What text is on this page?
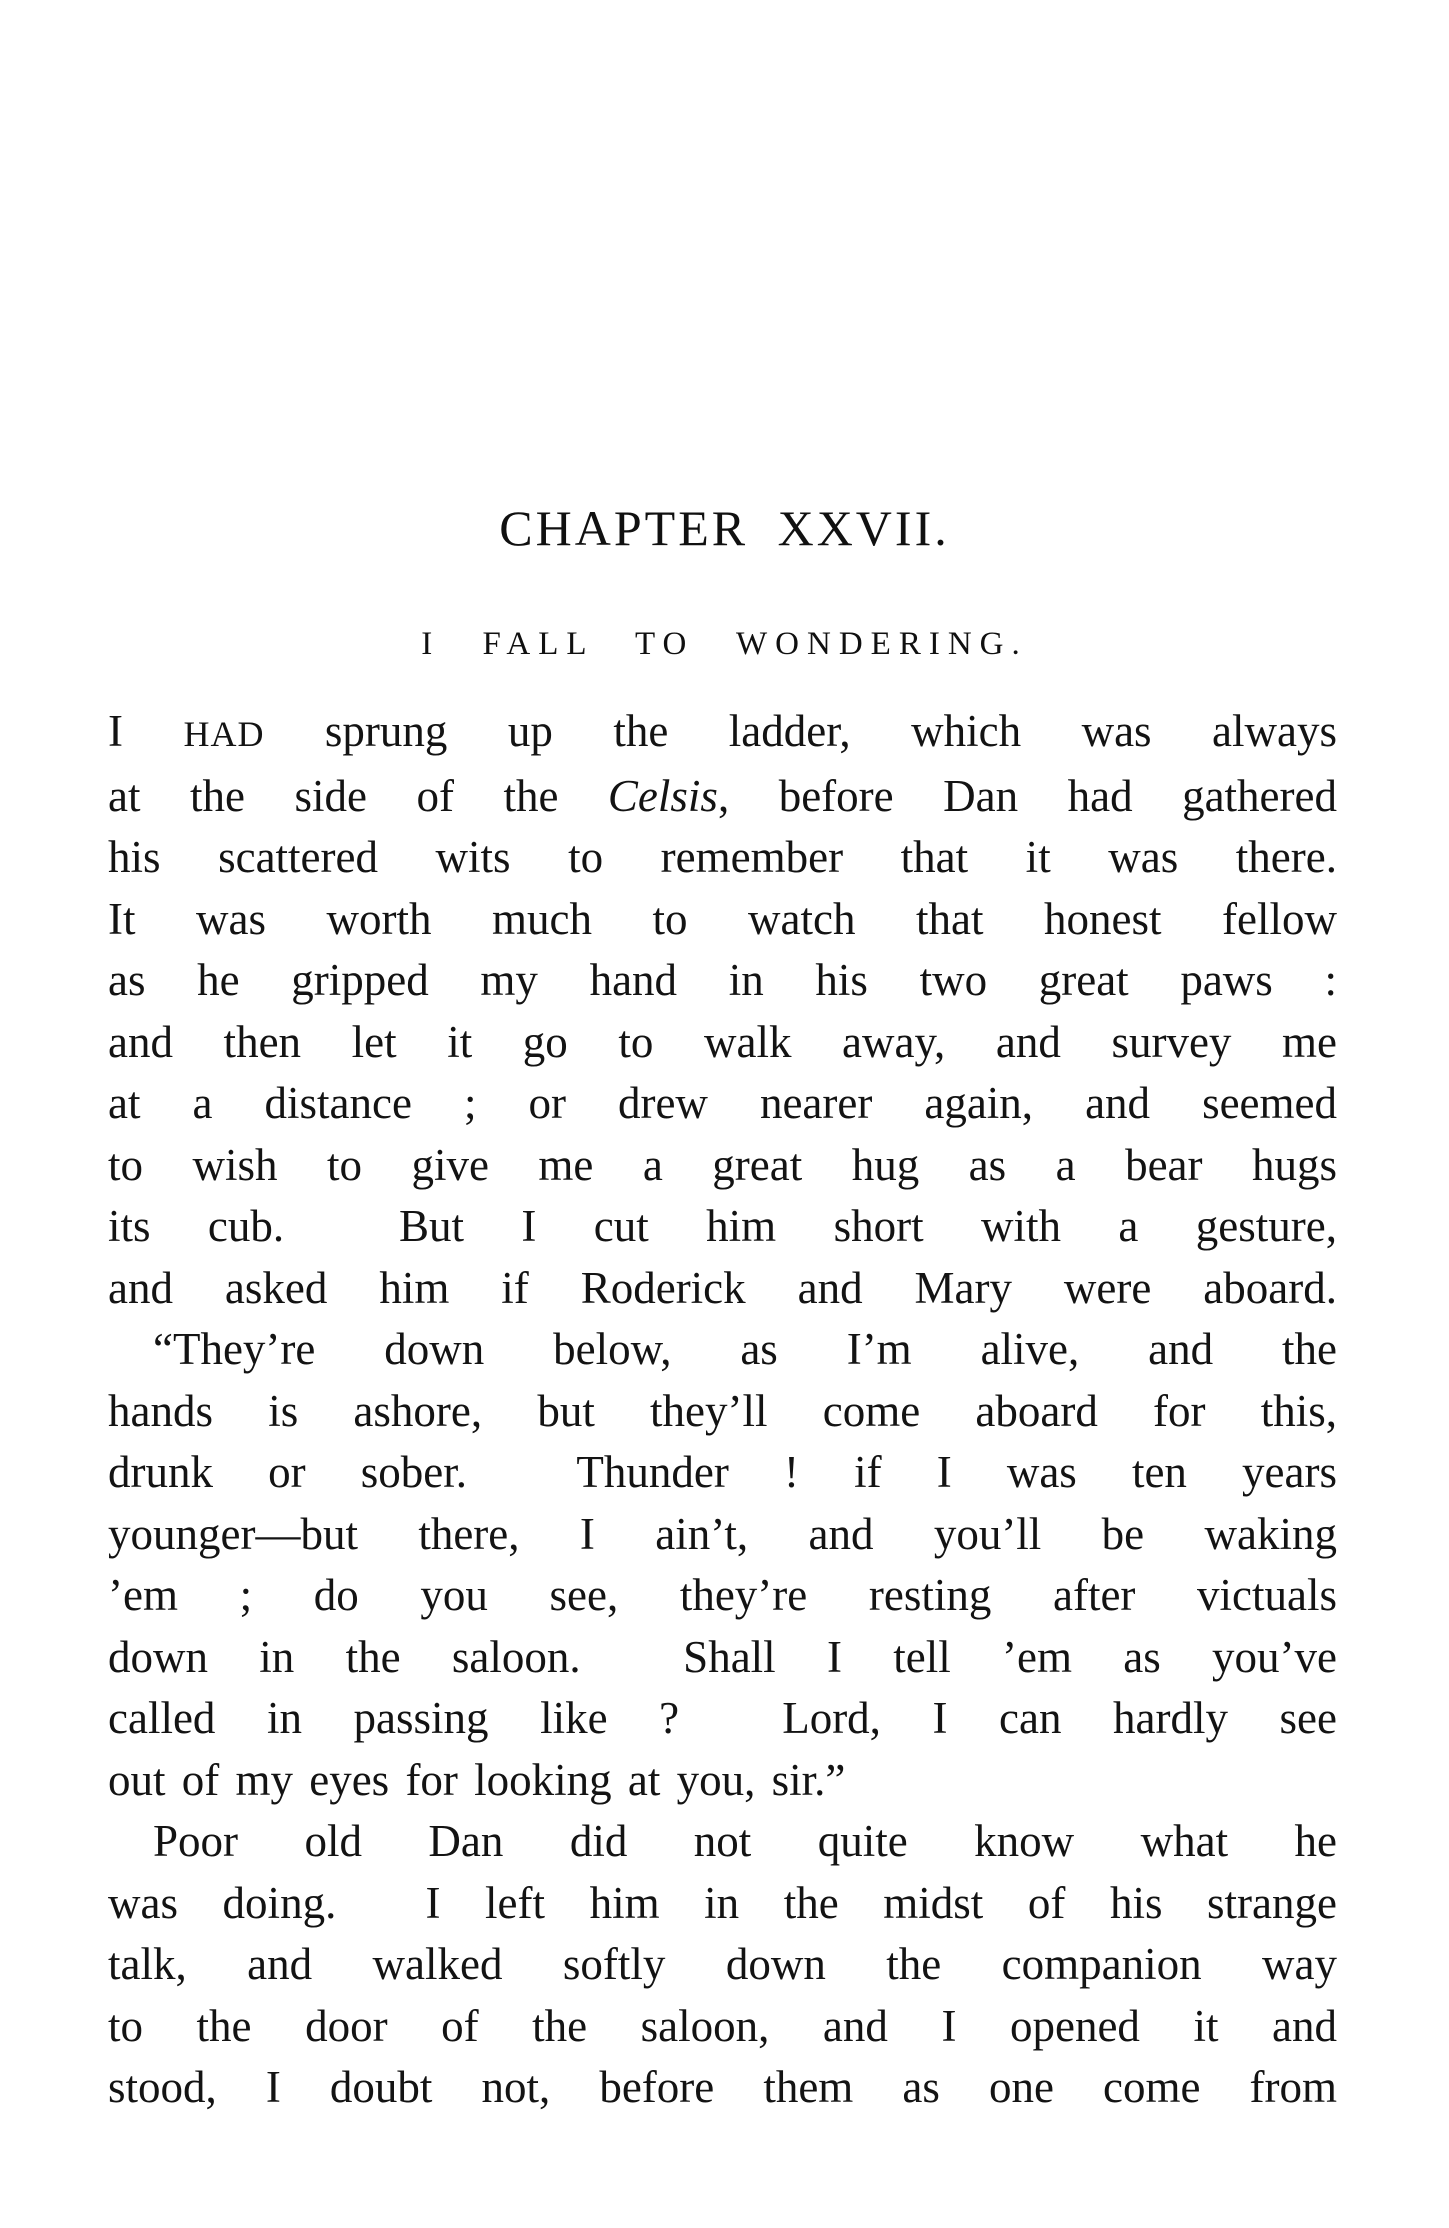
CHAPTER XXVII.
I FALL TO WONDERING.
I HAD sprung up the ladder, which was always
at the side of the Celsis, before Dan had gathered
his scattered wits to remember that it was there.
It was worth much to watch that honest fellow
as he gripped my hand in his two great paws :
and then let it go to walk away, and survey me
at a distance ; or drew nearer again, and seemed
to wish to give me a great hug as a bear hugs
its cub.  But I cut him short with a gesture,
and asked him if Roderick and Mary were aboard.
“They’re down below, as I’m alive, and the
hands is ashore, but they’ll come aboard for this,
drunk or sober.  Thunder ! if I was ten years
younger—but there, I ain’t, and you’ll be waking
’em ; do you see, they’re resting after victuals
down in the saloon.  Shall I tell ’em as you’ve
called in passing like ?  Lord, I can hardly see
out of my eyes for looking at you, sir.”
Poor old Dan did not quite know what he
was doing.  I left him in the midst of his strange
talk, and walked softly down the companion way
to the door of the saloon, and I opened it and
stood, I doubt not, before them as one come from
